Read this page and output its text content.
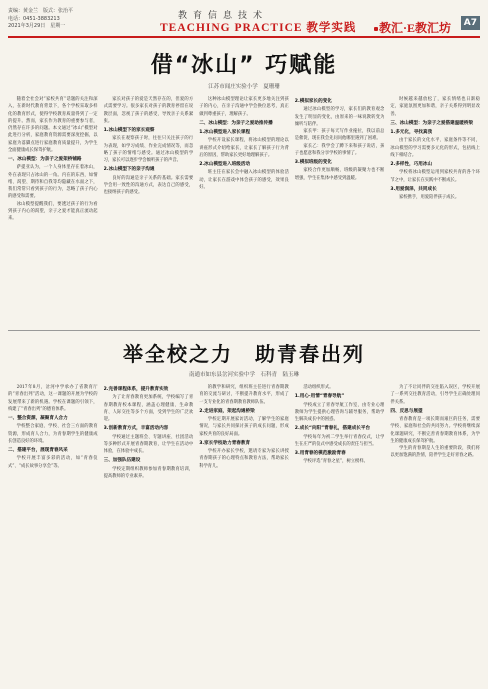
责编：黄金兰　版式：张治平
电话：0451-3883213
2021年3月29日　星期一
教育信息技术
TEACHING PRACTICE 教学实践	教汇·E教汇坊	A7
借“冰山” 巧赋能
江苏市闻庄实验小学　夏珊珊

随着全社会对“家校共育”话题的关注和深入，在新时代教育背景下，各个学校采取多样化的教育形式，使得学校教育质量得到了一定的提升。然而，家长作为教育的重要参与者，仍然存在许多的问题。本文通过“冰山”模型对此进行分析，家庭教育资源需要深度挖掘，以家庭为落脚点进行家庭教育质量提升，为学生全面健康成长保驾护航。

一、冰山模型：为亲子之爱架桥铺路

萨提亚认为，一个人身体里存在着冰山，外在表现只占冰山的一角。内在的东西，如情绪、渴望、期待和自我等均隐藏在水面之下，我们常常只看到孩子的行为，忽略了孩子内心的感受和需要。

冰山模型提醒我们，要透过孩子的行为看到孩子内心的渴望，亲子之爱才能真正流动起来。

家长对孩子的爱是天然存在的，但爱的方式需要学习。很多家长对孩子的教育停留在说教层面，忽视了孩子的感受，导致亲子关系紧张。

1.冰山模型下的家长观察

家长在观察孩子时，往往只关注孩子的行为表现，如学习成绩、作业完成情况等，而忽略了孩子的情绪与感受。通过冰山模型的学习，家长可以逐步学会倾听孩子的声音。

2.冰山模型下的亲子沟通

良好的沟通是亲子关系的基础。家长需要学会用一致性的沟通方式，表达自己的感受，也接纳孩子的感受。

这种冰山模型理论让家长更多地关注到孩子的内心，在亲子沟通中学会换位思考，真正做到尊重孩子，理解孩子。

二、冰山模型：为亲子之爱助推传播
1.冰山模型进入家长课程

学校开设家长课程，将冰山模型的理论以讲座形式介绍给家长，让家长了解孩子行为背后的原因，帮助家长更好地理解孩子。

2.冰山模型进入班级活动

班主任在家长会中融入冰山模型的体验活动，让家长在游戏中体会孩子的感受，效果良好。

2.模拟家长的变化

通过冰山模型的学习，家长们的教育观念发生了明显的变化，由原来的一味说教转变为倾听与陪伴。

家长甲：孩子每天写作业拖拉，我以前总是催促，现在我会先问问他哪里遇到了困难。

家长乙：我学会了蹲下来和孩子说话，孩子也愿意和我分享学校的事情了。

3.模拟班级的变化

家校合作更加顺畅，班级的凝聚力也不断增强，学生在集体中感受到温暖。

时候越来越放松了，家长情绪也日渐稳定，家庭氛围更加和谐，亲子关系得到明显改善。

三、冰山模型：为亲子之爱搭建温暖桥梁
1.多元化，寻找真我

由于家长的文化水平、家庭条件等不同，冰山模型的学习需要多元化的形式，包括线上线下相结合。

2.多样性，巧用冰山

学校将冰山模型运用到家校共育的各个环节之中，让家长在实践中不断成长。

3.用爱润泽，共同成长

家校携手，用爱陪伴孩子成长。

举全校之力　助青春出列
南通市如东县岔河实验中学　石科青　陆玉琳

2017年8月，岔河中学承办了省教育厅的“青春出列”活动，这一课题的开展为学校的发展带来了新的机遇。学校在课题的引领下，构建了“青春出列”的德育体系。

一、整合资源，凝聚育人合力

学校整合家庭、学校、社会三方面的教育资源，形成育人合力，为青春期学生的健康成长创造良好的环境。

二、搭建平台，展现青春风采

学校开展丰富多彩的活动，如“青春仪式”、“成长故事分享会”等。

2.完善课程体系，提升教育实效

为了让青春教育更加系统，学校编写了青春期教育校本课程，涵盖心理健康、生命教育、人际交往等多个方面，受到学生的广泛欢迎。

3.创新教育方式，丰富活动内容

学校通过主题班会、专题讲座、社团活动等多种形式开展青春期教育，让学生在活动中体验，在体验中成长。

三、加强队伍建设

学校定期组织教师参加青春期教育培训，提高教师的专业素养。

的教学和研究，组织班主任进行青春期教育的交流与研讨，不断提升教育水平，形成了一支专业化的青春期教育教师队伍。

2.走进家庭，架起沟通桥梁

学校定期开展家访活动，了解学生的家庭情况，与家长共同探讨孩子的成长问题，形成家校共育的良好局面。

3.家长学校助力青春教育

学校开办家长学校，邀请专家为家长讲授青春期孩子的心理特点和教育方法，帮助家长科学育儿。

活动组织形式。

1.用心·用情“青春导航”

学校成立了青春导航工作室，由专业心理教师为学生提供心理咨询与辅导服务，帮助学生解决成长中的困惑。

2.成长“向阳”青春礼，搭建成长平台

学校每年为初二学生举行青春仪式，让学生在庄严的仪式中感受成长的责任与担当。

3.用青春的模范激励青春

学校评选“青春之星”，树立榜样。

为了不让同伴的交往陷入误区，学校开展了一系列交往教育活动，引导学生正确处理同伴关系。

四、反思与展望

青春教育是一项长期而艰巨的任务，需要学校、家庭和社会的共同努力。学校将继续深化课题研究，不断完善青春期教育体系，为学生的健康成长保驾护航。

学生的青春期是人生的重要阶段，我们将以更加饱满的热情，陪伴学生走好青春之路。
